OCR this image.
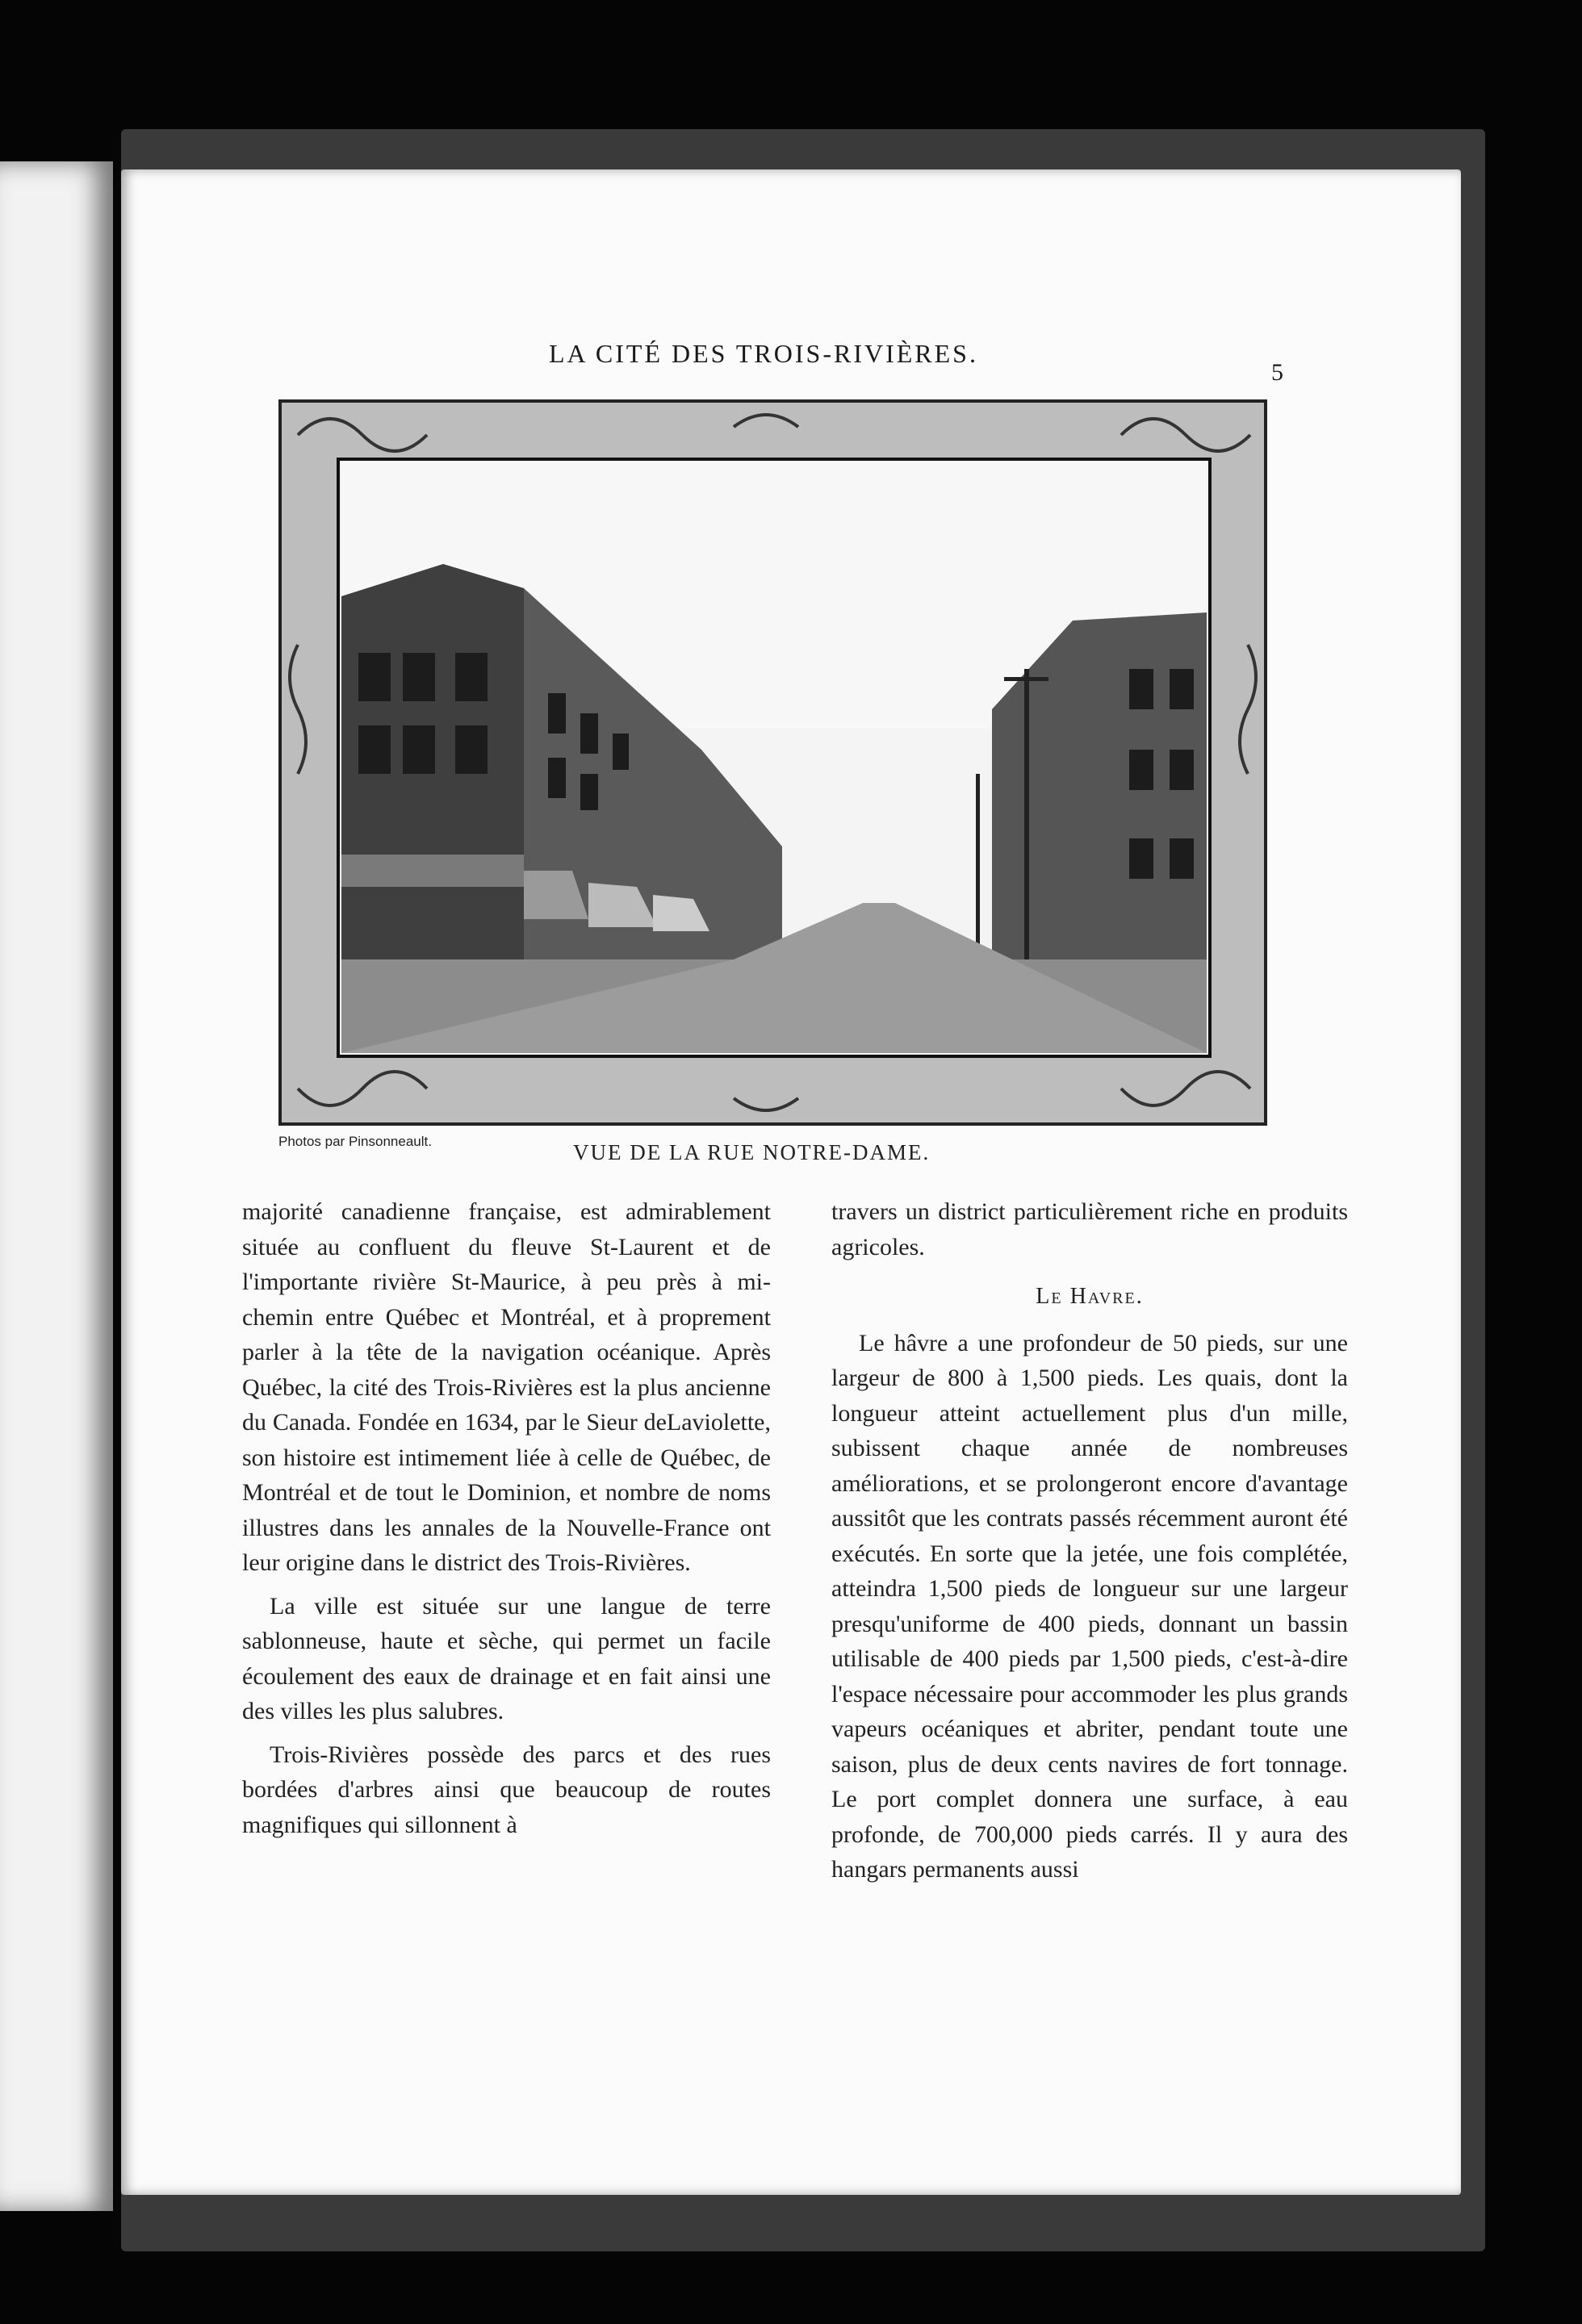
LA CITÉ DES TROIS-RIVIÈRES.
5
Photos par Pinsonneault.	VUE DE LA RUE NOTRE-DAME.

majorité canadienne française, est admirablement située au confluent du fleuve St-Laurent et de l'importante rivière St-Maurice, à peu près à mi-chemin entre Québec et Montréal, et à proprement parler à la tête de la navigation océanique. Après Québec, la cité des Trois-Rivières est la plus ancienne du Canada. Fondée en 1634, par le Sieur deLaviolette, son histoire est intimement liée à celle de Québec, de Montréal et de tout le Dominion, et nombre de noms illustres dans les annales de la Nouvelle-France ont leur origine dans le district des Trois-Rivières.

La ville est située sur une langue de terre sablonneuse, haute et sèche, qui permet un facile écoulement des eaux de drainage et en fait ainsi une des villes les plus salubres.

Trois-Rivières possède des parcs et des rues bordées d'arbres ainsi que beaucoup de routes magnifiques qui sillonnent à

travers un district particulièrement riche en produits agricoles.

Le Havre.

Le hâvre a une profondeur de 50 pieds, sur une largeur de 800 à 1,500 pieds. Les quais, dont la longueur atteint actuellement plus d'un mille, subissent chaque année de nombreuses améliorations, et se prolongeront encore d'avantage aussitôt que les contrats passés récemment auront été exécutés. En sorte que la jetée, une fois complétée, atteindra 1,500 pieds de longueur sur une largeur presqu'uniforme de 400 pieds, donnant un bassin utilisable de 400 pieds par 1,500 pieds, c'est-à-dire l'espace nécessaire pour accommoder les plus grands vapeurs océaniques et abriter, pendant toute une saison, plus de deux cents navires de fort tonnage. Le port complet donnera une surface, à eau profonde, de 700,000 pieds carrés. Il y aura des hangars permanents aussi
